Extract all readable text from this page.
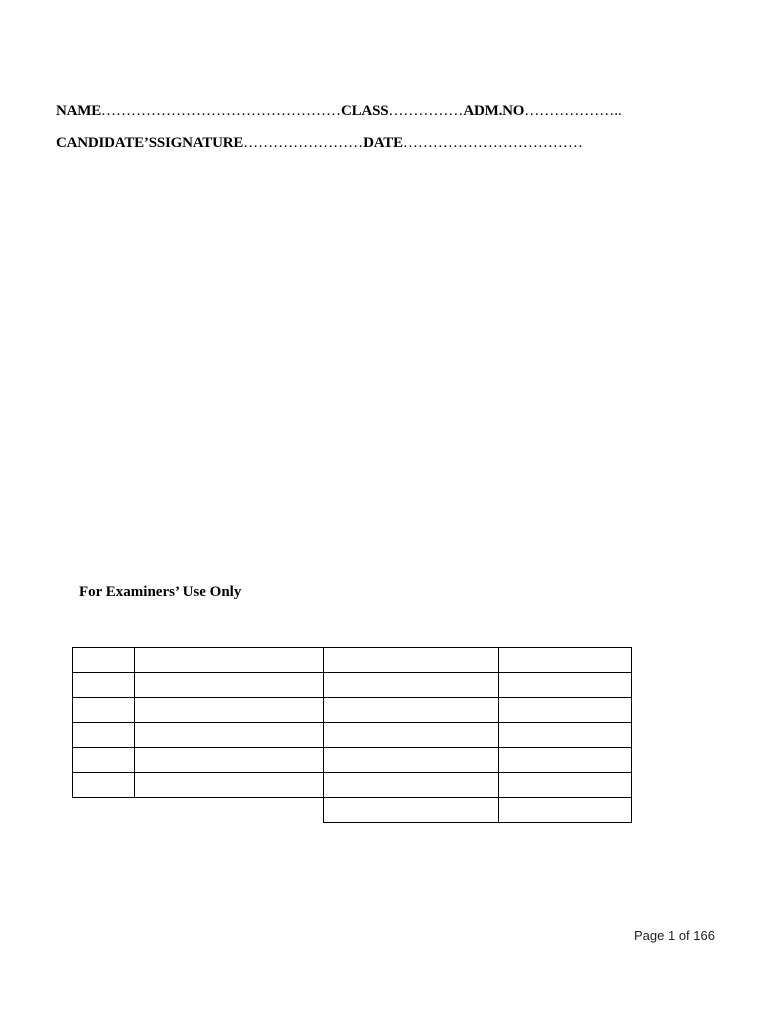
NAME…………………………………………CLASS……………ADM.NO………………..
CANDIDATE’SSIGNATURE……………………DATE………………………………
For Examiners’ Use Only

Page 1 of 166
